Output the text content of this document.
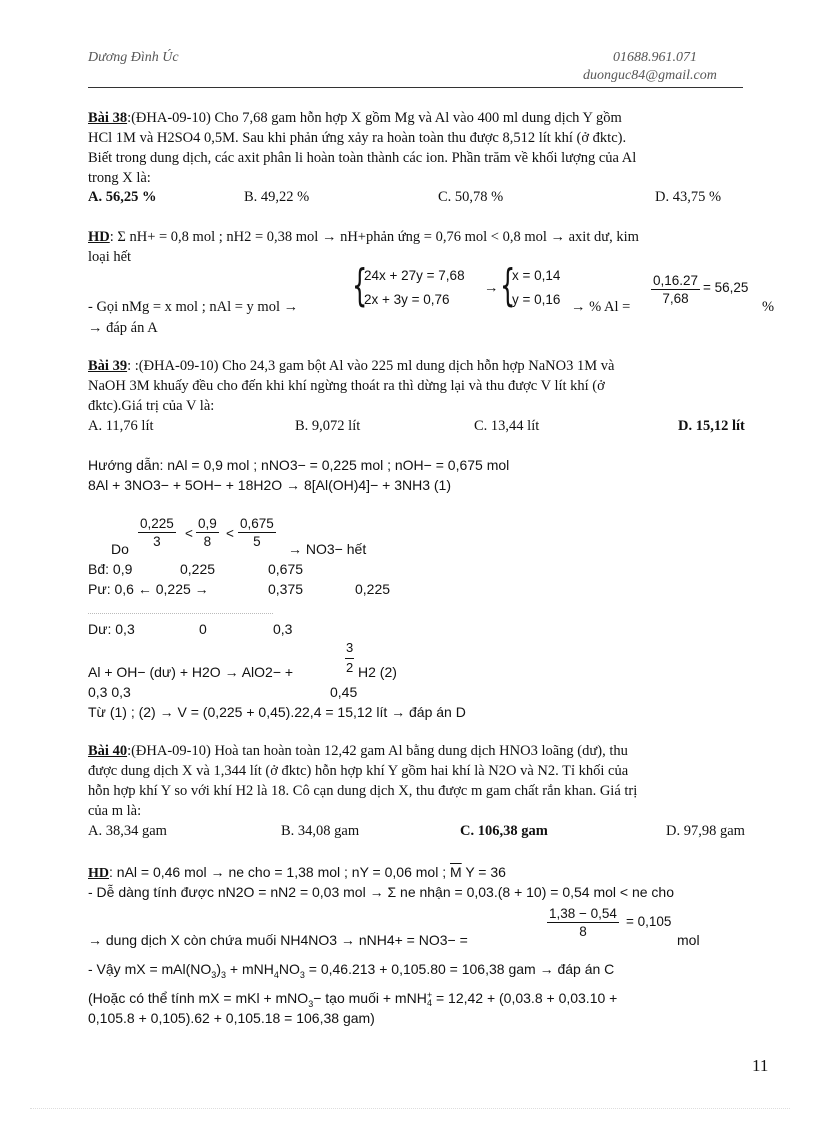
Dương Đình Úc	01688.961.071
duonguc84@gmail.com
Bài 38:(ĐHA-09-10) Cho 7,68 gam hỗn hợp X gồm Mg và Al vào 400 ml dung dịch Y gồm
HCl 1M và H2SO4 0,5M. Sau khi phản ứng xảy ra hoàn toàn thu được 8,512 lít khí (ở đktc).
Biết trong dung dịch, các axit phân li hoàn toàn thành các ion. Phần trăm về khối lượng của Al
trong X là:
A. 56,25 %	B. 49,22 %	C. 50,78 %	D. 43,75 %
HD: Σ nH+ = 0,8 mol ; nH2 = 0,38 mol → nH+phản ứng = 0,76 mol < 0,8 mol → axit dư, kim
loại hết
- Gọi nMg = x mol ; nAl = y mol → {
24x + 27y = 7,68
2x + 3y = 0,76
→ {
x = 0,14
y = 0,16 → % Al =
$\frac{0,16.27}{7,68} = 56,25$
%
→ đáp án A
Bài 39: :(ĐHA-09-10) Cho 24,3 gam bột Al vào 225 ml dung dịch hỗn hợp NaNO3 1M và
NaOH 3M khuấy đều cho đến khi khí ngừng thoát ra thì dừng lại và thu được V lít khí (ở
đktc).Giá trị của V là:
A. 11,76 lít	B. 9,072 lít	C. 13,44 lít	D. 15,12 lít
Hướng dẫn: nAl = 0,9 mol ; nNO3− = 0,225 mol ; nOH− = 0,675 mol
8Al + 3NO3− + 5OH− + 18H2O → 8[Al(OH)4]− + 3NH3 (1)
Do $\frac{0,225}{3} < \frac{0,9}{8} < \frac{0,675}{5} \to NO3-$ hết
Bđ: 0,9	0,225	0,675
Pư: 0,6 ← 0,225 →	0,375	0,225
Dư: 0,3	0	0,3
Al + OH− (dư) + H2O → AlO2− +
3
2 H2 (2)
0,3 0,3	0,45
Từ (1) ; (2) → V = (0,225 + 0,45).22,4 = 15,12 lít → đáp án D
Bài 40:(ĐHA-09-10) Hoà tan hoàn toàn 12,42 gam Al bằng dung dịch HNO3 loãng (dư), thu
được dung dịch X và 1,344 lít (ở đktc) hỗn hợp khí Y gồm hai khí là N2O và N2. Tỉ khối của
hỗn hợp khí Y so với khí H2 là 18. Cô cạn dung dịch X, thu được m gam chất rắn khan. Giá trị
của m là:
A. 38,34 gam	B. 34,08 gam	C. 106,38 gam	D. 97,98 gam
HD: nAl = 0,46 mol → ne cho = 1,38 mol ; nY = 0,06 mol ; $\overline{M}$ Y = 36
- Dễ dàng tính được nN2O = nN2 = 0,03 mol → Σ ne nhận = 0,03.(8 + 10) = 0,54 mol < ne cho
→ dung dịch X còn chứa muối NH4NO3 → nNH4+ = NO3− =
$\frac{1,38 - 0,54}{8} = 0,105$
mol
- Vậy mX = $mAl(NO_3)_3 + mNH_4NO_3 = 0,46.213 + 0,105.80 = 106,38$ gam → đáp án C
(Hoặc có thể tính mX = mKl + mNO$_3$− tạo muối + mNH +
4 = 12,42 + (0,03.8 + 0,03.10 +
0,105.8 + 0,105).62 + 0,105.18 = 106,38 gam)
11
